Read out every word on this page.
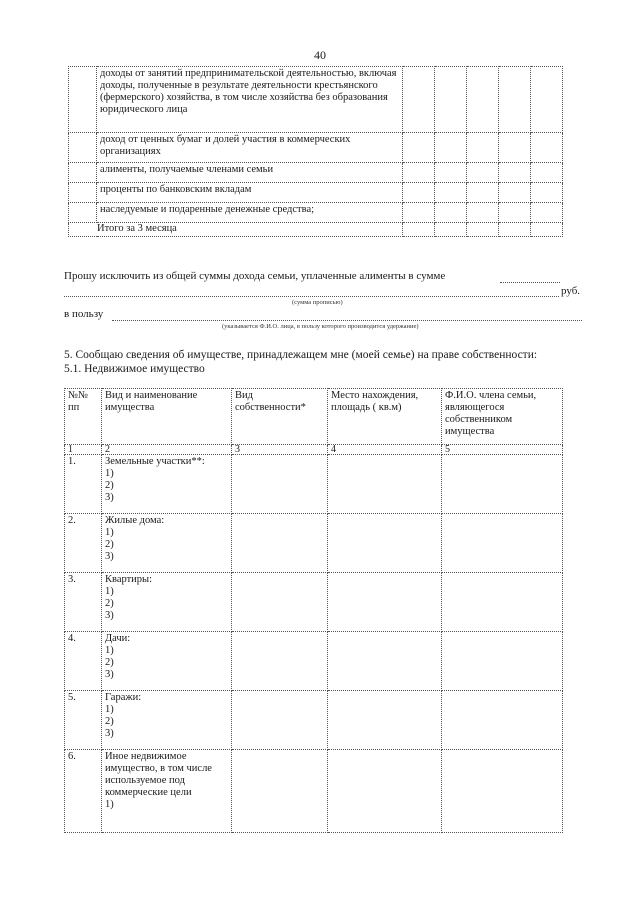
40
	доходы от занятий предпринимательской деятельностью, включая доходы, полученные в результате деятельности крестьянского (фермерского) хозяйства, в том числе хозяйства без образования юридического лица					
	доход от ценных бумаг и долей участия в коммерческих организациях					
	алименты, получаемые членами семьи					
	проценты по банковским вкладам					
	наследуемые и подаренные денежные средства;					
Итого за 3 месяца						
Прошу исключить из общей суммы дохода семьи, уплаченные алименты в сумме
руб.
(сумма прописью)
в пользу
(указывается Ф.И.О. лица, в пользу которого производится удержание)
5. Сообщаю сведения об имуществе, принадлежащем мне (моей семье) на праве собственности:
5.1. Недвижимое имущество
№№ пп	Вид и наименование имущества	Вид собственности*	Место нахождения, площадь ( кв.м)	Ф.И.О. члена семьи, являющегося собственником имущества
1	2	3	4	5
1.	Земельные участки**:
1)
2)
3)			

2.	Жилые дома:
1)
2)
3)			

3.	Квартиры:
1)
2)
3)			

4.	Дачи:
1)
2)
3)			

5.	Гаражи:
1)
2)
3)			

6.	Иное недвижимое имущество, в том числе используемое под коммерческие цели
1)			
